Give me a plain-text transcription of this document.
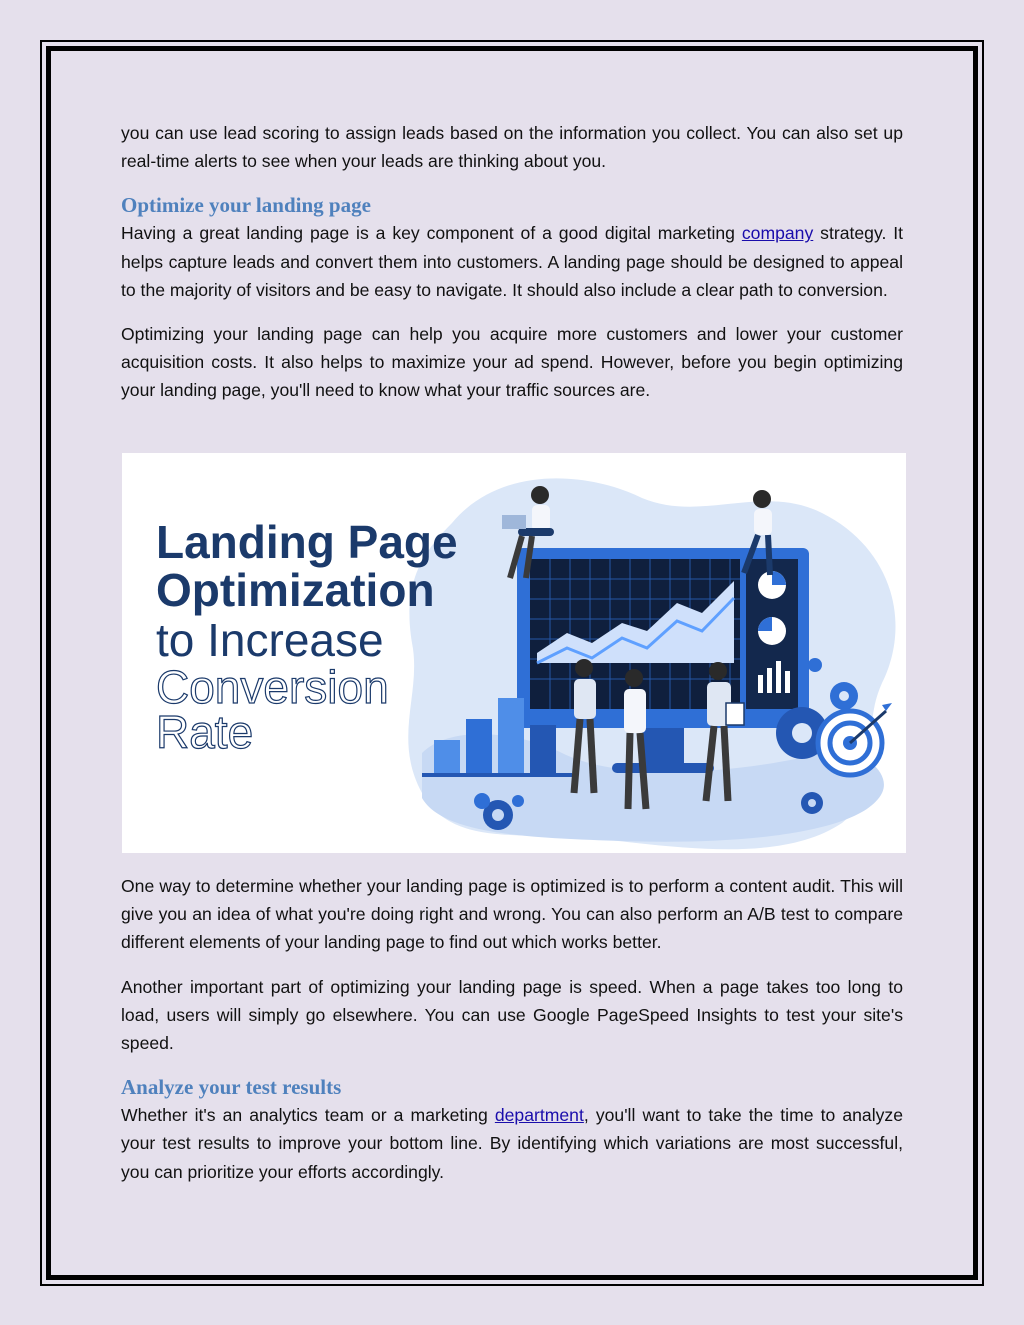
you can use lead scoring to assign leads based on the information you collect. You can also set up real-time alerts to see when your leads are thinking about you.

Optimize your landing page

Having a great landing page is a key component of a good digital marketing company strategy. It helps capture leads and convert them into customers. A landing page should be designed to appeal to the majority of visitors and be easy to navigate. It should also include a clear path to conversion.

Optimizing your landing page can help you acquire more customers and lower your customer acquisition costs. It also helps to maximize your ad spend. However, before you begin optimizing your landing page, you'll need to know what your traffic sources are.

Landing Page
Optimization
to Increase
Conversion
Rate

One way to determine whether your landing page is optimized is to perform a content audit. This will give you an idea of what you're doing right and wrong. You can also perform an A/B test to compare different elements of your landing page to find out which works better.

Another important part of optimizing your landing page is speed. When a page takes too long to load, users will simply go elsewhere. You can use Google PageSpeed Insights to test your site's speed.

Analyze your test results

Whether it's an analytics team or a marketing department, you'll want to take the time to analyze your test results to improve your bottom line. By identifying which variations are most successful, you can prioritize your efforts accordingly.
